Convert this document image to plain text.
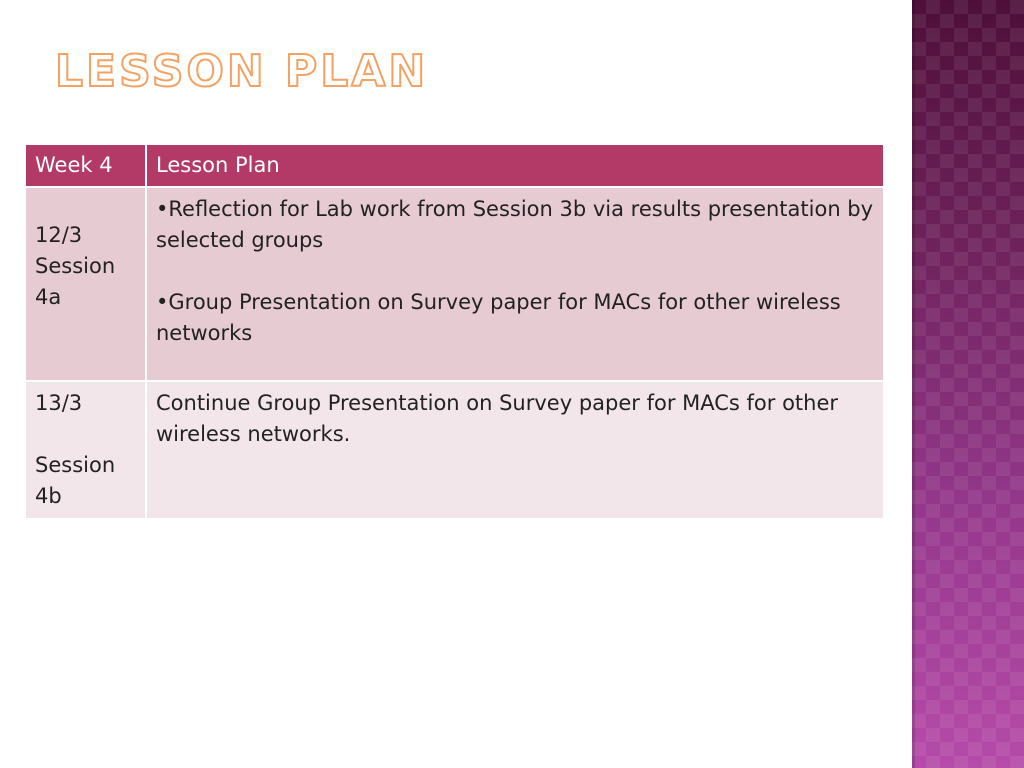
LESSON PLAN
Week 4	Lesson Plan

12/3
Session
4a	•Reflection for Lab work from Session 3b via results presentation by selected groups
•Group Presentation on Survey paper for MACs for other wireless networks

13/3
Session
4b	Continue Group Presentation on Survey paper for MACs for other wireless networks.
